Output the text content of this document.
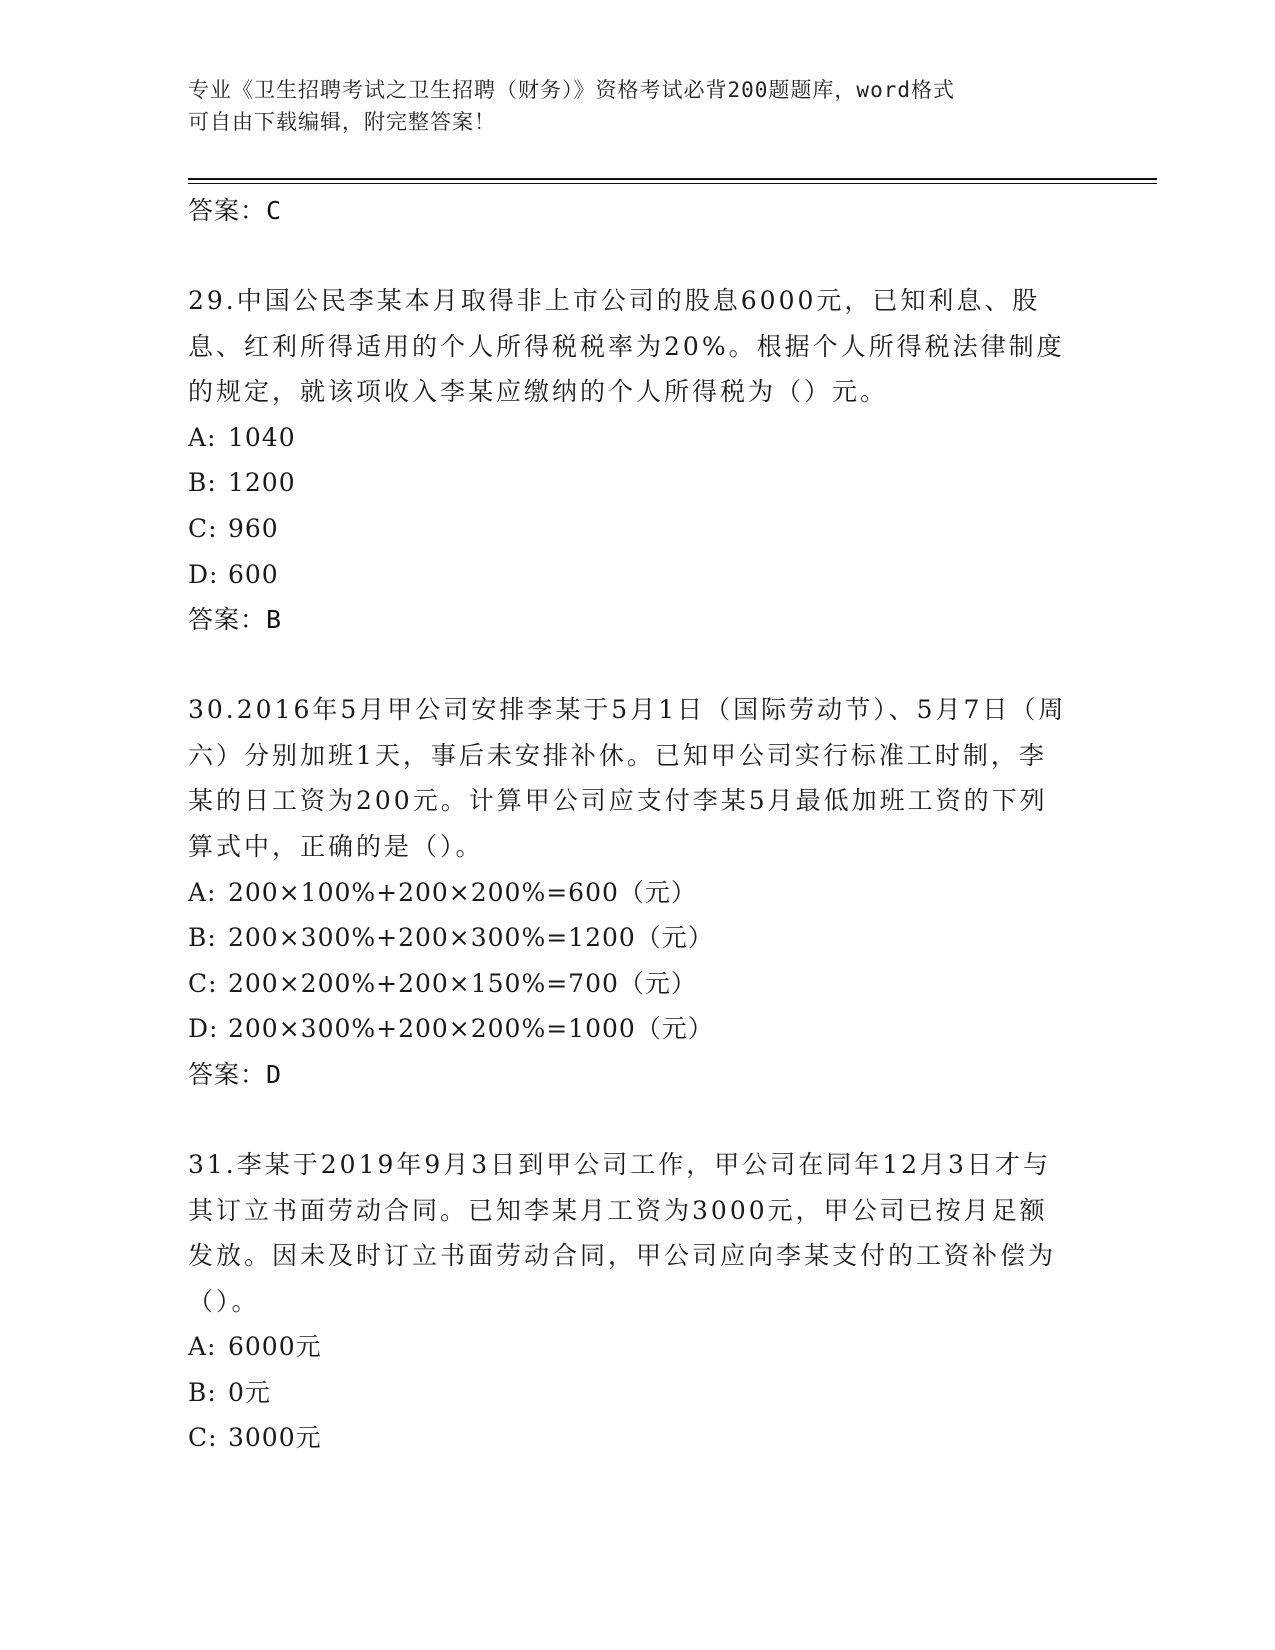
专业《卫生招聘考试之卫生招聘（财务）》资格考试必背200题题库，word格式
可自由下载编辑，附完整答案！
答案：C
29.中国公民李某本月取得非上市公司的股息6000元，已知利息、股息、红利所得适用的个人所得税税率为20%。根据个人所得税法律制度的规定，就该项收入李某应缴纳的个人所得税为（）元。
A: 1040
B: 1200
C: 960
D: 600
答案：B
30.2016年5月甲公司安排李某于5月1日（国际劳动节）、5月7日（周六）分别加班1天，事后未安排补休。已知甲公司实行标准工时制，李某的日工资为200元。计算甲公司应支付李某5月最低加班工资的下列算式中，正确的是（）。
A: 200×100%+200×200%=600（元）
B: 200×300%+200×300%=1200（元）
C: 200×200%+200×150%=700（元）
D: 200×300%+200×200%=1000（元）
答案：D
31.李某于2019年9月3日到甲公司工作，甲公司在同年12月3日才与其订立书面劳动合同。已知李某月工资为3000元，甲公司已按月足额发放。因未及时订立书面劳动合同，甲公司应向李某支付的工资补偿为（）。
A: 6000元
B: 0元
C: 3000元
